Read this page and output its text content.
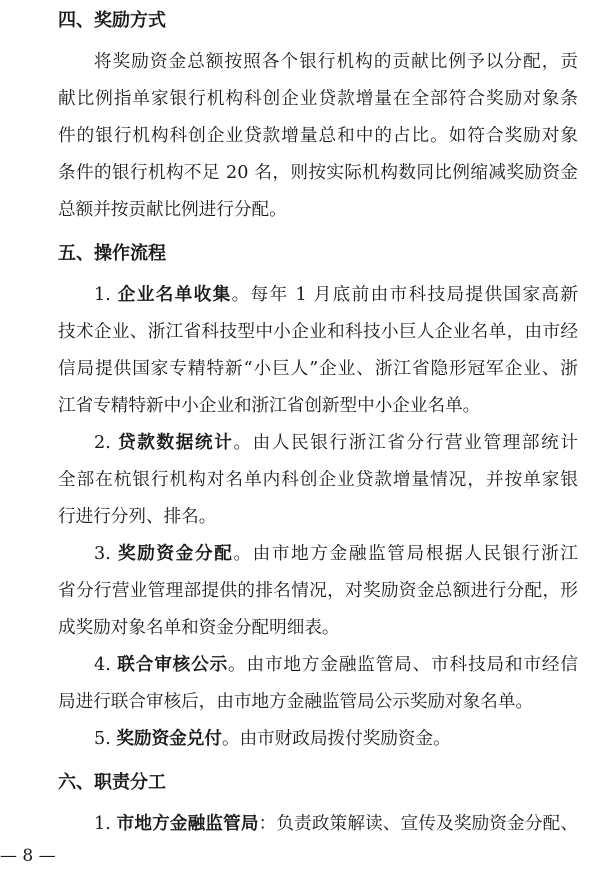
四、奖励方式
将奖励资金总额按照各个银行机构的贡献比例予以分配，贡
献比例指单家银行机构科创企业贷款增量在全部符合奖励对象条
件的银行机构科创企业贷款增量总和中的占比。如符合奖励对象
条件的银行机构不足 20 名，则按实际机构数同比例缩减奖励资金
总额并按贡献比例进行分配。
五、操作流程
1. 企业名单收集。每年 1 月底前由市科技局提供国家高新
技术企业、浙江省科技型中小企业和科技小巨人企业名单，由市经
信局提供国家专精特新“小巨人”企业、浙江省隐形冠军企业、浙
江省专精特新中小企业和浙江省创新型中小企业名单。
2. 贷款数据统计。由人民银行浙江省分行营业管理部统计
全部在杭银行机构对名单内科创企业贷款增量情况，并按单家银
行进行分列、排名。
3. 奖励资金分配。由市地方金融监管局根据人民银行浙江
省分行营业管理部提供的排名情况，对奖励资金总额进行分配，形
成奖励对象名单和资金分配明细表。
4. 联合审核公示。由市地方金融监管局、市科技局和市经信
局进行联合审核后，由市地方金融监管局公示奖励对象名单。
5. 奖励资金兑付。由市财政局拨付奖励资金。
六、职责分工
1. 市地方金融监管局：负责政策解读、宣传及奖励资金分配、
— 8 —
